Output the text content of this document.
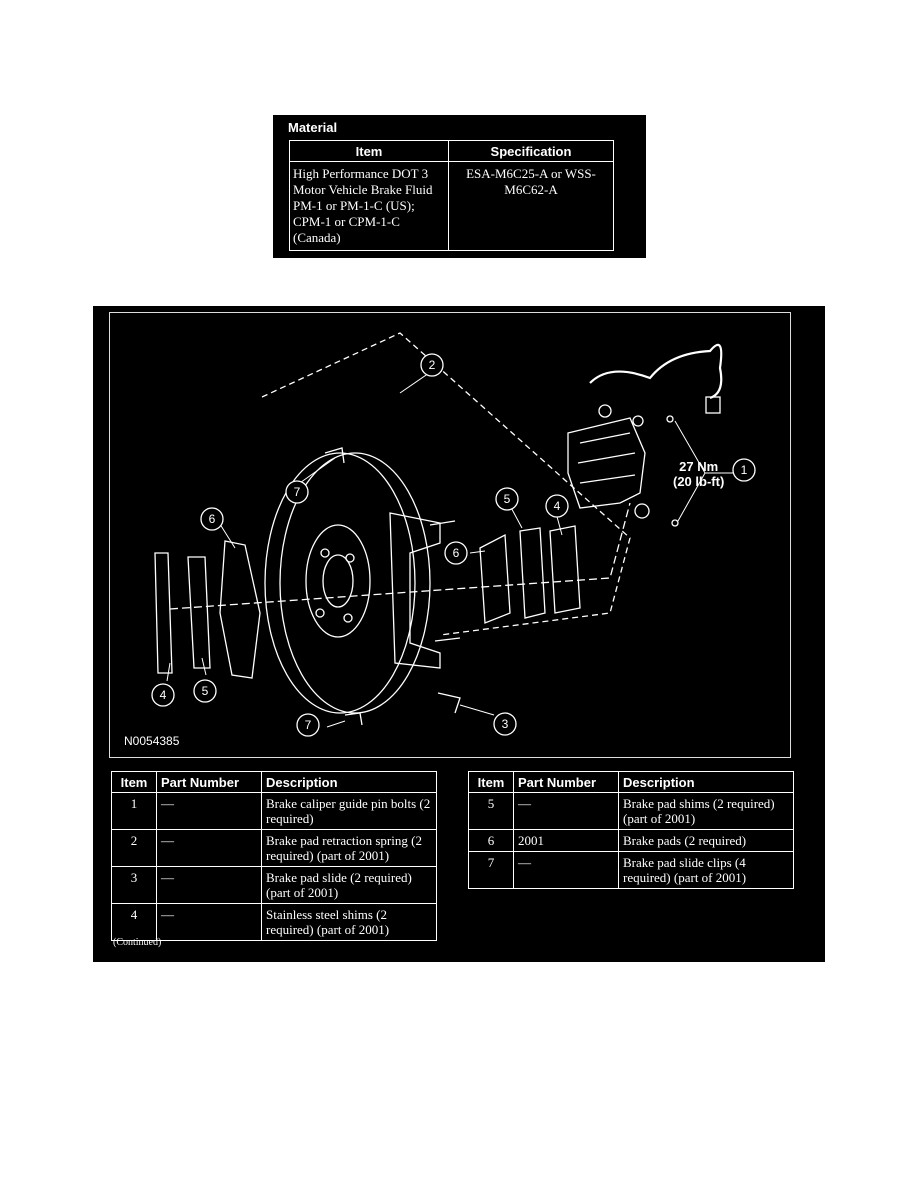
Material
Item	Specification
High Performance DOT 3 Motor Vehicle Brake Fluid PM-1 or PM-1-C (US); CPM-1 or CPM-1-C (Canada)	ESA-M6C25-A or WSS-M6C62-A
1
2
3
4
4
5
5
6
6
7
7
27 Nm
(20 lb-ft)
N0054385
Item	Part Number	Description
1	—	Brake caliper guide pin bolts (2 required)
2	—	Brake pad retraction spring (2 required) (part of 2001)
3	—	Brake pad slide (2 required) (part of 2001)
4	—	Stainless steel shims (2 required) (part of 2001)
Item	Part Number	Description
5	—	Brake pad shims (2 required) (part of 2001)
6	2001	Brake pads (2 required)
7	—	Brake pad slide clips (4 required) (part of 2001)
(Continued)
